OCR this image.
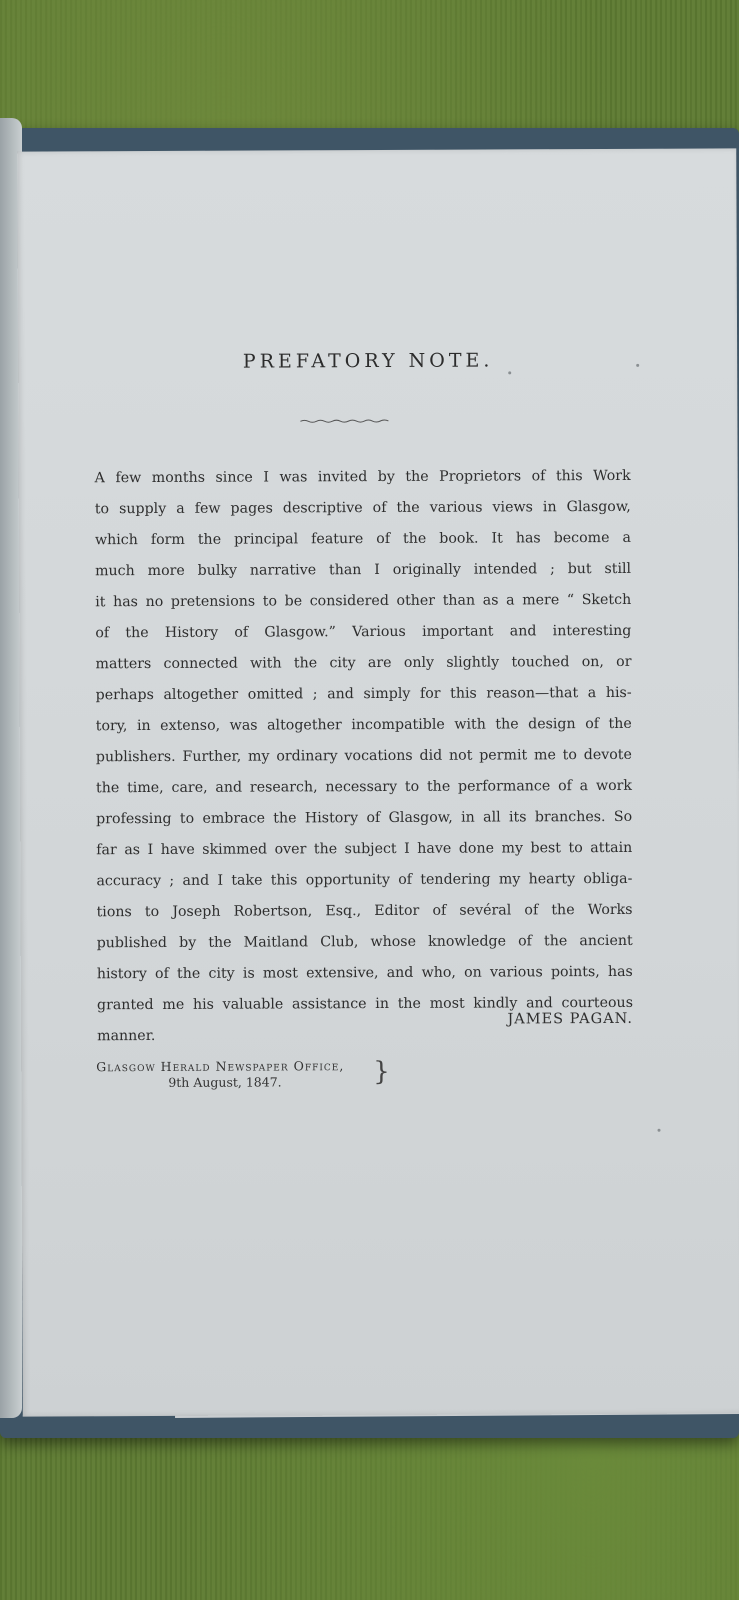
PREFATORY NOTE.
A few months since I was invited by the Proprietors of this Work
to supply a few pages descriptive of the various views in Glasgow,
which form the principal feature of the book. It has become a
much more bulky narrative than I originally intended ; but still
it has no pretensions to be considered other than as a mere “ Sketch
of the History of Glasgow.” Various important and interesting
matters connected with the city are only slightly touched on, or
perhaps altogether omitted ; and simply for this reason—that a his-
tory, in extenso, was altogether incompatible with the design of the
publishers. Further, my ordinary vocations did not permit me to devote
the time, care, and research, necessary to the performance of a work
professing to embrace the History of Glasgow, in all its branches. So
far as I have skimmed over the subject I have done my best to attain
accuracy ; and I take this opportunity of tendering my hearty obliga-
tions to Joseph Robertson, Esq., Editor of sevéral of the Works
published by the Maitland Club, whose knowledge of the ancient
history of the city is most extensive, and who, on various points, has
granted me his valuable assistance in the most kindly and courteous
manner.
JAMES PAGAN.
Glasgow Herald Newspaper Office,
9th August, 1847.	}
